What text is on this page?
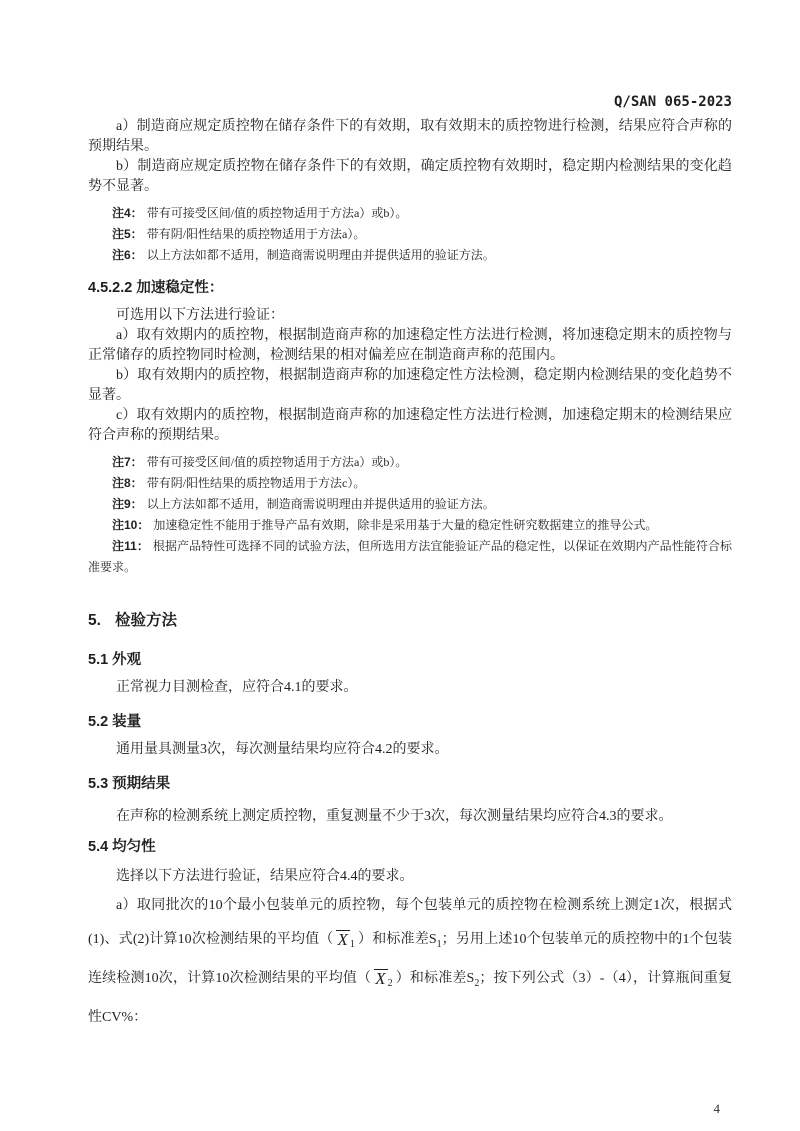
Q/SAN 065-2023

a）制造商应规定质控物在储存条件下的有效期，取有效期末的质控物进行检测，结果应符合声称的预期结果。

b）制造商应规定质控物在储存条件下的有效期，确定质控物有效期时，稳定期内检测结果的变化趋势不显著。

注4： 带有可接受区间/值的质控物适用于方法a）或b）。
注5： 带有阴/阳性结果的质控物适用于方法a）。
注6： 以上方法如都不适用，制造商需说明理由并提供适用的验证方法。
4.5.2.2 加速稳定性：

可选用以下方法进行验证：

a）取有效期内的质控物，根据制造商声称的加速稳定性方法进行检测，将加速稳定期末的质控物与正常储存的质控物同时检测，检测结果的相对偏差应在制造商声称的范围内。

b）取有效期内的质控物，根据制造商声称的加速稳定性方法检测，稳定期内检测结果的变化趋势不显著。

c）取有效期内的质控物，根据制造商声称的加速稳定性方法进行检测，加速稳定期末的检测结果应符合声称的预期结果。

注7： 带有可接受区间/值的质控物适用于方法a）或b）。
注8： 带有阴/阳性结果的质控物适用于方法c）。
注9： 以上方法如都不适用，制造商需说明理由并提供适用的验证方法。
注10： 加速稳定性不能用于推导产品有效期，除非是采用基于大量的稳定性研究数据建立的推导公式。
注11： 根据产品特性可选择不同的试验方法，但所选用方法宜能验证产品的稳定性，以保证在效期内产品性能符合标准要求。
5. 检验方法
5.1 外观

正常视力目测检查，应符合4.1的要求。

5.2 装量

通用量具测量3次，每次测量结果均应符合4.2的要求。

5.3 预期结果

在声称的检测系统上测定质控物，重复测量不少于3次，每次测量结果均应符合4.3的要求。

5.4 均匀性

选择以下方法进行验证，结果应符合4.4的要求。

a）取同批次的10个最小包装单元的质控物，每个包装单元的质控物在检测系统上测定1次，根据式(1)、式(2)计算10次检测结果的平均值（ X $_1$ ）和标准差$S_1$；另用上述10个包装单元的质控物中的1个包装连续检测10次，计算10次检测结果的平均值（ X $_2$ ）和标准差$S_2$；按下列公式（3）-（4），计算瓶间重复性CV%：

4
